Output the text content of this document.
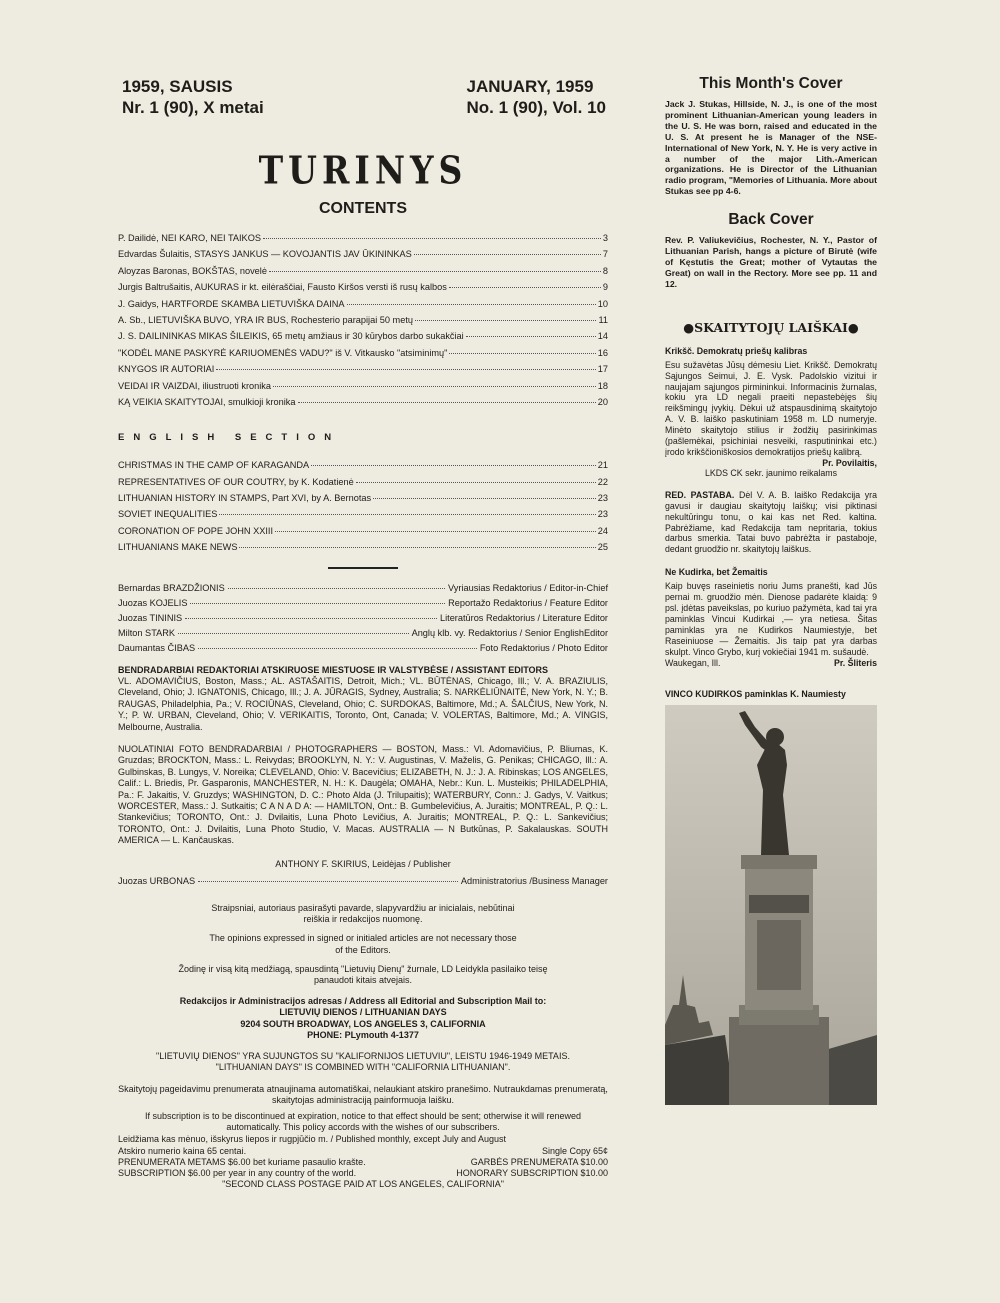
1959, SAUSIS
Nr. 1 (90), X metai
JANUARY, 1959
No. 1 (90), Vol. 10
TURINYS
CONTENTS
P. Dailidė, NEI KARO, NEI TAIKOS	3
Edvardas Šulaitis, STASYS JANKUS — KOVOJANTIS JAV ŪKININKAS	7
Aloyzas Baronas, BOKŠTAS, novelė	8
Jurgis Baltrušaitis, AUKURAS ir kt. eilėraščiai, Fausto Kiršos versti iš rusų kalbos	9
J. Gaidys, HARTFORDE SKAMBA LIETUVIŠKA DAINA	10
A. Sb., LIETUVIŠKA BUVO, YRA IR BUS, Rochesterio parapijai 50 metų	11
J. S. DAILININKAS MIKAS ŠILEIKIS, 65 metų amžiaus ir 30 kūrybos darbo sukakčiai	14
"KODĖL MANE PASKYRĖ KARIUOMENĖS VADU?" iš V. Vitkausko "atsiminimų"	16
KNYGOS IR AUTORIAI	17
VEIDAI IR VAIZDAI, iliustruoti kronika	18
KĄ VEIKIA SKAITYTOJAI, smulkioji kronika	20
ENGLISH SECTION
CHRISTMAS IN THE CAMP OF KARAGANDA	21
REPRESENTATIVES OF OUR COUTRY, by K. Kodatienė	22
LITHUANIAN HISTORY IN STAMPS, Part XVI, by A. Bernotas	23
SOVIET INEQUALITIES	23
CORONATION OF POPE JOHN XXIII	24
LITHUANIANS MAKE NEWS	25
Bernardas BRAZDŽIONIS	Vyriausias Redaktorius / Editor-in-Chief
Juozas KOJELIS	Reportažo Redaktorius / Feature Editor
Juozas TININIS	Literatūros Redaktorius / Literature Editor
Milton STARK	Anglų klb. vy. Redaktorius / Senior EnglishEditor
Daumantas ČIBAS	Foto Redaktorius / Photo Editor
BENDRADARBIAI REDAKTORIAI ATSKIRUOSE MIESTUOSE IR VALSTYBĖSE / ASSISTANT EDITORS
VL. ADOMAVIČIUS, Boston, Mass.; AL. ASTAŠAITIS, Detroit, Mich.; VL. BŪTĖNAS, Chicago, Ill.; V. A. BRAZIULIS, Cleveland, Ohio; J. IGNATONIS, Chicago, Ill.; J. A. JŪRAGIS, Sydney, Australia; S. NARKĖLIŪNAITĖ, New York, N. Y.; B. RAUGAS, Philadelphia, Pa.; V. ROCIŪNAS, Cleveland, Ohio; C. SURDOKAS, Baltimore, Md.; A. ŠALČIUS, New York, N. Y.; P. W. URBAN, Cleveland, Ohio; V. VERIKAITIS, Toronto, Ont, Canada; V. VOLERTAS, Baltimore, Md.; A. VINGIS, Melbourne, Australia.
NUOLATINIAI FOTO BENDRADARBIAI / PHOTOGRAPHERS — BOSTON, Mass.: Vl. Adomavičius, P. Bliumas, K. Gruzdas; BROCKTON, Mass.: L. Reivydas; BROOKLYN, N. Y.: V. Augustinas, V. Maželis, G. Penikas; CHICAGO, Ill.: A. Gulbinskas, B. Lungys, V. Noreika; CLEVELAND, Ohio: V. Bacevičius; ELIZABETH, N. J.: J. A. Ribinskas; LOS ANGELES, Calif.: L. Briedis, Pr. Gasparonis, MANCHESTER, N. H.: K. Daugėla; OMAHA, Nebr.: Kun. L. Musteikis; PHILADELPHIA, Pa.: F. Jakaitis, V. Gruzdys; WASHINGTON, D. C.: Photo Alda (J. Trilupaitis); WATERBURY, Conn.: J. Gadys, V. Vaitkus; WORCESTER, Mass.: J. Sutkaitis; C A N A D A: — HAMILTON, Ont.: B. Gumbelevičius, A. Juraitis; MONTREAL, P. Q.: L. Stankevičius; TORONTO, Ont.: J. Dvilaitis, Luna Photo Levičius, A. Juraitis; MONTREAL, P. Q.: L. Sankevičius; TORONTO, Ont.: J. Dvilaitis, Luna Photo Studio, V. Macas. AUSTRALIA — N Butkūnas, P. Sakalauskas. SOUTH AMERICA — L. Kančauskas.
ANTHONY F. SKIRIUS, Leidėjas / Publisher
Juozas URBONAS	Administratorius /Business Manager
Straipsniai, autoriaus pasirašyti pavarde, slapyvardžiu ar inicialais, nebūtinai reiškia ir redakcijos nuomonę.
The opinions expressed in signed or initialed articles are not necessary those of the Editors.
Žodinę ir visą kitą medžiagą, spausdintą "Lietuvių Dienų" žurnale, LD Leidykla pasilaiko teisę panaudoti kitais atvejais.
Redakcijos ir Administracijos adresas / Address all Editorial and Subscription Mail to:
LIETUVIŲ DIENOS / LITHUANIAN DAYS
9204 SOUTH BROADWAY, LOS ANGELES 3, CALIFORNIA
PHONE: PLymouth 4-1377
"LIETUVIŲ DIENOS" YRA SUJUNGTOS SU "KALIFORNIJOS LIETUVIU", LEISTU 1946-1949 METAIS.
"LITHUANIAN DAYS" IS COMBINED WITH "CALIFORNIA LITHUANIAN".
Skaitytojų pageidavimu prenumerata atnaujinama automatiškai, nelaukiant atskiro pranešimo. Nutraukdamas prenumeratą, skaitytojas administraciją painformuoja laišku.
If subscription is to be discontinued at expiration, notice to that effect should be sent; otherwise it will renewed automatically. This policy accords with the wishes of our subscribers.
Leidžiama kas mėnuo, išskyrus liepos ir rugpjūčio m. / Published monthly, except July and August
Atskiro numerio kaina 65 centai.	Single Copy 65¢
PRENUMERATA METAMS $6.00 bet kuriame pasaulio krašte.	GARBĖS PRENUMERATA $10.00
SUBSCRIPTION $6.00 per year in any country of the world.	HONORARY SUBSCRIPTION $10.00
"SECOND CLASS POSTAGE PAID AT LOS ANGELES, CALIFORNIA"
This Month's Cover
Jack J. Stukas, Hillside, N. J., is one of the most prominent Lithuanian-American young leaders in the U. S. He was born, raised and educated in the U. S. At present he is Manager of the NSE-International of New York, N. Y. He is very active in a number of the major Lith.-American organizations. He is Director of the Lithuanian radio program, "Memories of Lithuania. More about Stukas see pp 4-6.
Back Cover
Rev. P. Valiukevičius, Rochester, N. Y., Pastor of Lithuanian Parish, hangs a picture of Birutė (wife of Kęstutis the Great; mother of Vytautas the Great) on wall in the Rectory. More see pp. 11 and 12.
●SKAITYTOJŲ LAIŠKAI●
Krikšč. Demokratų priešų kalibras
Esu sužavėtas Jūsų dėmesiu Liet. Krikšč. Demokratų Sąjungos Seimui, J. E. Vysk. Padolskio vizitui ir naujajam sąjungos pirmininkui. Informacinis žurnalas, kokiu yra LD negali praeiti nepastebėjęs šių reikšmingų įvykių. Dėkui už atspausdinimą skaitytojo A. V. B. laiško paskutiniam 1958 m. LD numeryje. Minėto skaitytojo stilius ir žodžių pasirinkimas (pašlemėkai, psichiniai nesveiki, rasputininkai etc.) įrodo krikščioniškosios demokratijos priešų kalibrą.
Pr. Povilaitis,
LKDS CK sekr. jaunimo reikalams
RED. PASTABA. Dėl V. A. B. laiško Redakcija yra gavusi ir daugiau skaitytojų laiškų; visi piktinasi nekultūringu tonu, o kai kas net Red. kaltina. Pabrėžiame, kad Redakcija tam nepritaria, tokius darbus smerkia. Tatai buvo pabrėžta ir pastaboje, dedant gruodžio nr. skaitytojų laiškus.
Ne Kudirka, bet Žemaitis
Kaip buvęs raseinietis noriu Jums pranešti, kad Jūs pernai m. gruodžio mėn. Dienose padarėte klaidą: 9 psl. įdėtas paveikslas, po kuriuo pažymėta, kad tai yra paminklas Vincui Kudirkai ,— yra netiesa. Šitas paminklas yra ne Kudirkos Naumiestyje, bet Raseiniuose — Žemaitis. Jis taip pat yra darbas skulpt. Vinco Grybo, kurį vokiečiai 1941 m. sušaudė.
Waukegan, Ill.	Pr. Šliteris
VINCO KUDIRKOS paminklas K. Naumiesty
